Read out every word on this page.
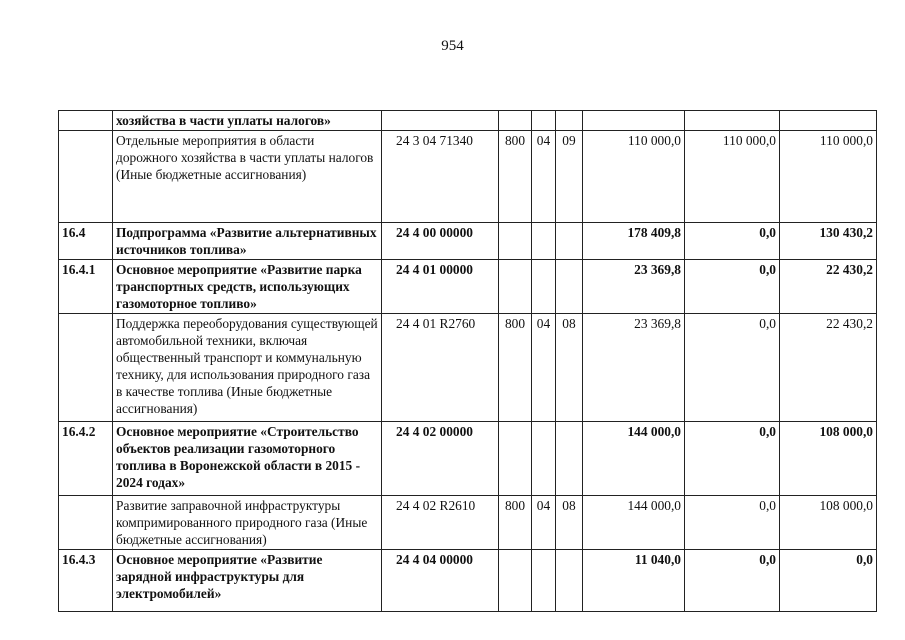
954
	хозяйства в части уплаты налогов»							
	Отдельные мероприятия в области дорожного хозяйства в части уплаты налогов (Иные бюджетные ассигнования)	24 3 04 71340	800	04	09	110 000,0	110 000,0	110 000,0
16.4	Подпрограмма «Развитие альтернативных источников топлива»	24 4 00 00000				178 409,8	0,0	130 430,2
16.4.1	Основное мероприятие «Развитие парка транспортных средств, использующих газомоторное топливо»	24 4 01 00000				23 369,8	0,0	22 430,2
	Поддержка переоборудования существующей автомобильной техники, включая общественный транспорт и коммунальную технику, для использования природного газа в качестве топлива (Иные бюджетные ассигнования)	24 4 01 R2760	800	04	08	23 369,8	0,0	22 430,2
16.4.2	Основное мероприятие «Строительство объектов реализации газомоторного топлива в Воронежской области в 2015 - 2024 годах»	24 4 02 00000				144 000,0	0,0	108 000,0
	Развитие заправочной инфраструктуры компримированного природного газа (Иные бюджетные ассигнования)	24 4 02 R2610	800	04	08	144 000,0	0,0	108 000,0
16.4.3	Основное мероприятие «Развитие зарядной инфраструктуры для электромобилей»	24 4 04 00000				11 040,0	0,0	0,0
